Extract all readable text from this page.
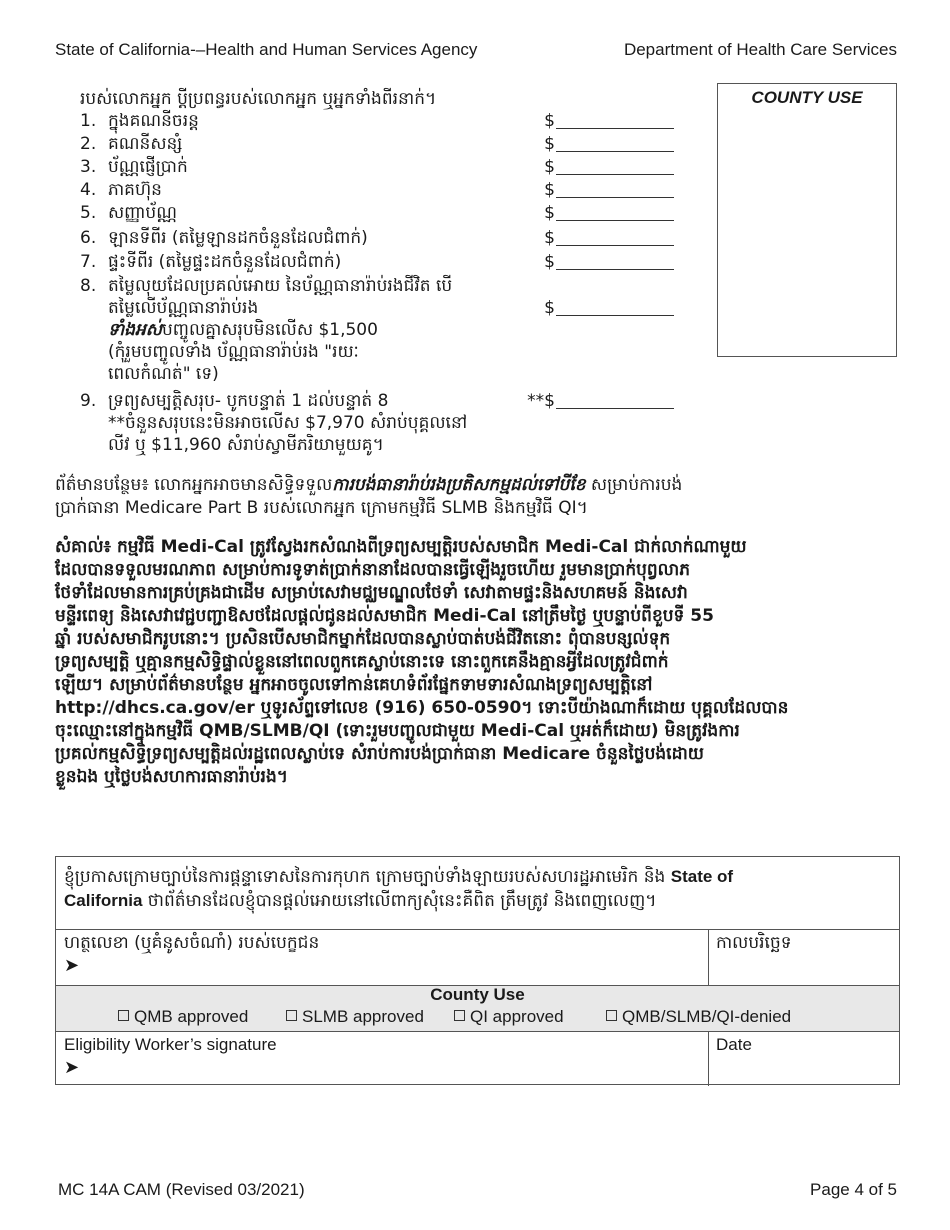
State of California-–Health and Human Services Agency	Department of Health Care Services
COUNTY USE
របស់លោកអ្នក ប្តីប្រពន្ធរបស់លោកអ្នក ឬអ្នកទាំងពីរនាក់។
1. ក្នុងគណនីចរន្ត	$
2. គណនីសន្សំ	$
3. ប័ណ្ណផ្ញើប្រាក់	$
4. ភាគហ៊ុន	$
5. សញ្ញាប័ណ្ណ	$
6. ឡានទីពីរ (តម្លៃឡានដកចំនួនដែលជំពាក់)	$
7. ផ្ទះទីពីរ (តម្លៃផ្ទះដកចំនួនដែលជំពាក់)	$
8. តម្លៃលុយដែលប្រគល់អោយ នៃប័ណ្ណធានារ៉ាប់រងជីវិត បើ
តម្លៃលើប័ណ្ណធានារ៉ាប់រង
ទាំងអស់បញ្ចូលគ្នាសរុបមិនលើស $1,500
(កុំរួមបញ្ចូលទាំង ប័ណ្ណធានារ៉ាប់រង "រយៈ
ពេលកំណត់" ទេ)
$
9. ទ្រព្យសម្បត្តិសរុប- បូកបន្ទាត់ 1 ដល់បន្ទាត់ 8
**ចំនួនសរុបនេះមិនអាចលើស $7,970 សំរាប់បុគ្គលនៅ
លីវ ឬ $11,960 សំរាប់ស្វាមីភរិយាមួយគូ។
**$
ព័ត៌មានបន្ថែម៖ លោកអ្នកអាចមានសិទ្ធិទទួលការបង់ធានារ៉ាប់រងប្រតិសកម្មដល់ទៅបីខែ សម្រាប់ការបង់
ប្រាក់ធានា Medicare Part B របស់លោកអ្នក ក្រោមកម្មវិធី SLMB និងកម្មវិធី QI។
សំគាល់៖ កម្មវិធី Medi-Cal ត្រូវស្វែងរកសំណងពីទ្រព្យសម្បត្តិរបស់សមាជិក Medi-Cal ជាក់លាក់ណាមួយ
ដែលបានទទួលមរណភាព សម្រាប់ការទូទាត់ប្រាក់នានាដែលបានធ្វើឡើងរួចហើយ រួមមានប្រាក់បុព្វលាភ
ថែទាំដែលមានការគ្រប់គ្រងជាដើម សម្រាប់សេវាមជ្ឈមណ្ឌលថែទាំ សេវាតាមផ្ទះនិងសហគមន៍ និងសេវា
មន្ទីរពេទ្យ និងសេវាវេជ្ជបញ្ជាឱសថដែលផ្តល់ជូនដល់សមាជិក Medi-Cal នៅត្រឹមថ្ងៃ ឬបន្ទាប់ពីខួបទី 55
ឆ្នាំ របស់សមាជិករូបនោះ។ ប្រសិនបើសមាជិកម្នាក់ដែលបានស្លាប់បាត់បង់ជីវិតនោះ ពុំបានបន្សល់ទុក
ទ្រព្យសម្បត្តិ ឬគ្មានកម្មសិទ្ធិផ្ទាល់ខ្លួននៅពេលពួកគេស្លាប់នោះទេ នោះពួកគេនឹងគ្មានអ្វីដែលត្រូវជំពាក់
ឡើយ។ សម្រាប់ព័ត៌មានបន្ថែម អ្នកអាចចូលទៅកាន់គេហទំព័រផ្នែកទាមទារសំណងទ្រព្យសម្បត្តិនៅ
http://dhcs.ca.gov/er ឬទូរស័ព្ទទៅលេខ (916) 650-0590។ ទោះបីយ៉ាងណាក៏ដោយ បុគ្គលដែលបាន
ចុះឈ្មោះនៅក្នុងកម្មវិធី QMB/SLMB/QI (ទោះរួមបញ្ចូលជាមួយ Medi-Cal ឬអត់ក៏ដោយ) មិនត្រូវងការ
ប្រគល់កម្មសិទ្ធិទ្រព្យសម្បត្តិដល់រដ្ឋពេលស្លាប់ទេ សំរាប់ការបង់ប្រាក់ធានា Medicare ចំនួនថ្លៃបង់ដោយ
ខ្លួនឯង ឬថ្លៃបង់សហការធានារ៉ាប់រង។
ខ្ញុំប្រកាសក្រោមច្បាប់នៃការផ្តន្ទាទោសនៃការកុហក ក្រោមច្បាប់ទាំងឡាយរបស់សហរដ្ឋអាមេរិក និង State of
California ថាព័ត៌មានដែលខ្ញុំបានផ្តល់អោយនៅលើពាក្យសុំនេះគឺពិត ត្រឹមត្រូវ និងពេញលេញ។
ហត្ថលេខា (ឬគំនូសចំណាំ) របស់បេក្ខជន
➤
កាលបរិច្ឆេទ
County Use
QMB approved	SLMB approved	QI approved	QMB/SLMB/QI-denied
Eligibility Worker’s signature
➤
Date
MC 14A CAM (Revised 03/2021)	Page 4 of 5
